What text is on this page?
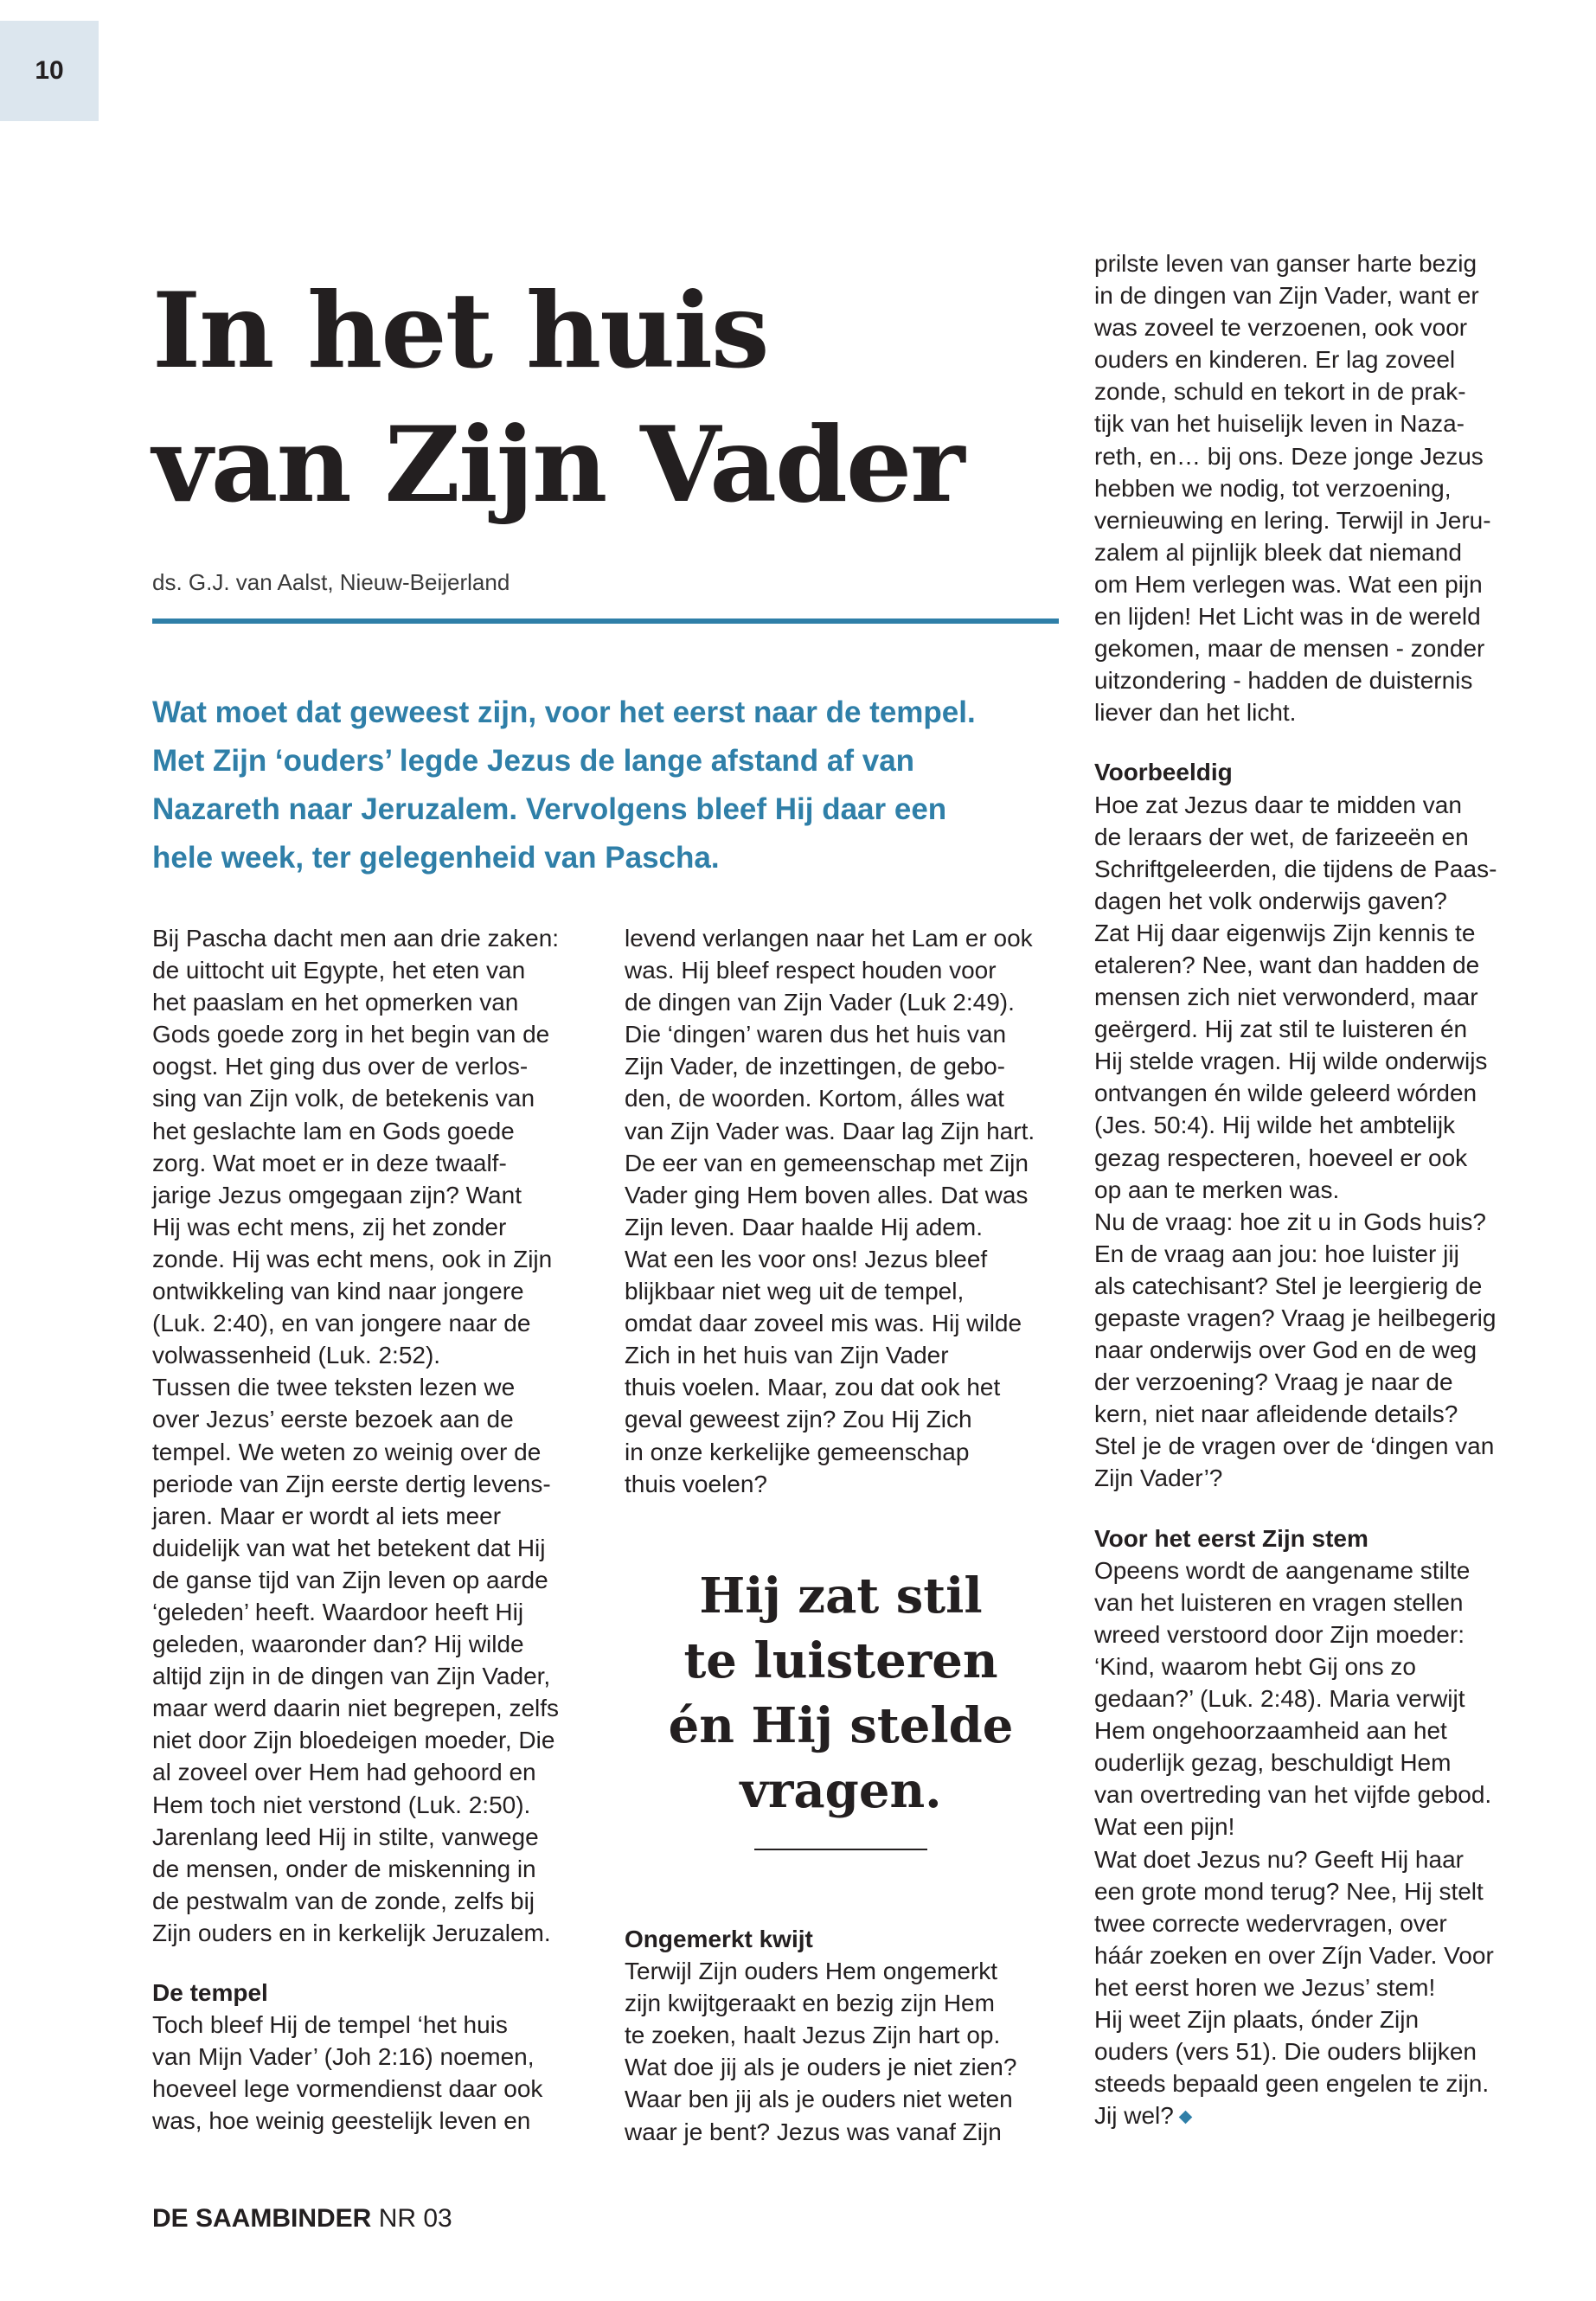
10
In het huis
van Zijn Vader
ds. G.J. van Aalst, Nieuw-Beijerland
Wat moet dat geweest zijn, voor het eerst naar de tempel.
Met Zijn ‘ouders’ legde Jezus de lange afstand af van
Nazareth naar Jeruzalem. Vervolgens bleef Hij daar een
hele week, ter gelegenheid van Pascha.
Bij Pascha dacht men aan drie zaken:
de uittocht uit Egypte, het eten van
het paaslam en het opmerken van
Gods goede zorg in het begin van de
oogst. Het ging dus over de verlos-
sing van Zijn volk, de betekenis van
het geslachte lam en Gods goede
zorg. Wat moet er in deze twaalf-
jarige Jezus omgegaan zijn? Want
Hij was echt mens, zij het zonder
zonde. Hij was echt mens, ook in Zijn
ontwikkeling van kind naar jongere
(Luk. 2:40), en van jongere naar de
volwassenheid (Luk. 2:52).
Tussen die twee teksten lezen we
over Jezus’ eerste bezoek aan de
tempel. We weten zo weinig over de
periode van Zijn eerste dertig levens-
jaren. Maar er wordt al iets meer
duidelijk van wat het betekent dat Hij
de ganse tijd van Zijn leven op aarde
‘geleden’ heeft. Waardoor heeft Hij
geleden, waaronder dan? Hij wilde
altijd zijn in de dingen van Zijn Vader,
maar werd daarin niet begrepen, zelfs
niet door Zijn bloedeigen moeder, Die
al zoveel over Hem had gehoord en
Hem toch niet verstond (Luk. 2:50).
Jarenlang leed Hij in stilte, vanwege
de mensen, onder de miskenning in
de pestwalm van de zonde, zelfs bij
Zijn ouders en in kerkelijk Jeruzalem.
De tempel
Toch bleef Hij de tempel ‘het huis
van Mijn Vader’ (Joh 2:16) noemen,
hoeveel lege vormendienst daar ook
was, hoe weinig geestelijk leven en
levend verlangen naar het Lam er ook
was. Hij bleef respect houden voor
de dingen van Zijn Vader (Luk 2:49).
Die ‘dingen’ waren dus het huis van
Zijn Vader, de inzettingen, de gebo-
den, de woorden. Kortom, álles wat
van Zijn Vader was. Daar lag Zijn hart.
De eer van en gemeenschap met Zijn
Vader ging Hem boven alles. Dat was
Zijn leven. Daar haalde Hij adem.
Wat een les voor ons! Jezus bleef
blijkbaar niet weg uit de tempel,
omdat daar zoveel mis was. Hij wilde
Zich in het huis van Zijn Vader
thuis voelen. Maar, zou dat ook het
geval geweest zijn? Zou Hij Zich
in onze kerkelijke gemeenschap
thuis voelen?
Hij zat stil
te luisteren
én Hij stelde
vragen.
Ongemerkt kwijt
Terwijl Zijn ouders Hem ongemerkt
zijn kwijtgeraakt en bezig zijn Hem
te zoeken, haalt Jezus Zijn hart op.
Wat doe jij als je ouders je niet zien?
Waar ben jij als je ouders niet weten
waar je bent? Jezus was vanaf Zijn
prilste leven van ganser harte bezig
in de dingen van Zijn Vader, want er
was zoveel te verzoenen, ook voor
ouders en kinderen. Er lag zoveel
zonde, schuld en tekort in de prak-
tijk van het huiselijk leven in Naza-
reth, en… bij ons. Deze jonge Jezus
hebben we nodig, tot verzoening,
vernieuwing en lering. Terwijl in Jeru-
zalem al pijnlijk bleek dat niemand
om Hem verlegen was. Wat een pijn
en lijden! Het Licht was in de wereld
gekomen, maar de mensen - zonder
uitzondering - hadden de duisternis
liever dan het licht.
Voorbeeldig
Hoe zat Jezus daar te midden van
de leraars der wet, de farizeeën en
Schriftgeleerden, die tijdens de Paas-
dagen het volk onderwijs gaven?
Zat Hij daar eigenwijs Zijn kennis te
etaleren? Nee, want dan hadden de
mensen zich niet verwonderd, maar
geërgerd. Hij zat stil te luisteren én
Hij stelde vragen. Hij wilde onderwijs
ontvangen én wilde geleerd wórden
(Jes. 50:4). Hij wilde het ambtelijk
gezag respecteren, hoeveel er ook
op aan te merken was.
Nu de vraag: hoe zit u in Gods huis?
En de vraag aan jou: hoe luister jij
als catechisant? Stel je leergierig de
gepaste vragen? Vraag je heilbegerig
naar onderwijs over God en de weg
der verzoening? Vraag je naar de
kern, niet naar afleidende details?
Stel je de vragen over de ‘dingen van
Zijn Vader’?
Voor het eerst Zijn stem
Opeens wordt de aangename stilte
van het luisteren en vragen stellen
wreed verstoord door Zijn moeder:
‘Kind, waarom hebt Gij ons zo
gedaan?’ (Luk. 2:48). Maria verwijt
Hem ongehoorzaamheid aan het
ouderlijk gezag, beschuldigt Hem
van overtreding van het vijfde gebod.
Wat een pijn!
Wat doet Jezus nu? Geeft Hij haar
een grote mond terug? Nee, Hij stelt
twee correcte wedervragen, over
háár zoeken en over Zíjn Vader. Voor
het eerst horen we Jezus’ stem!
Hij weet Zijn plaats, ónder Zijn
ouders (vers 51). Die ouders blijken
steeds bepaald geen engelen te zijn.
Jij wel?
DE SAAMBINDER NR 03
